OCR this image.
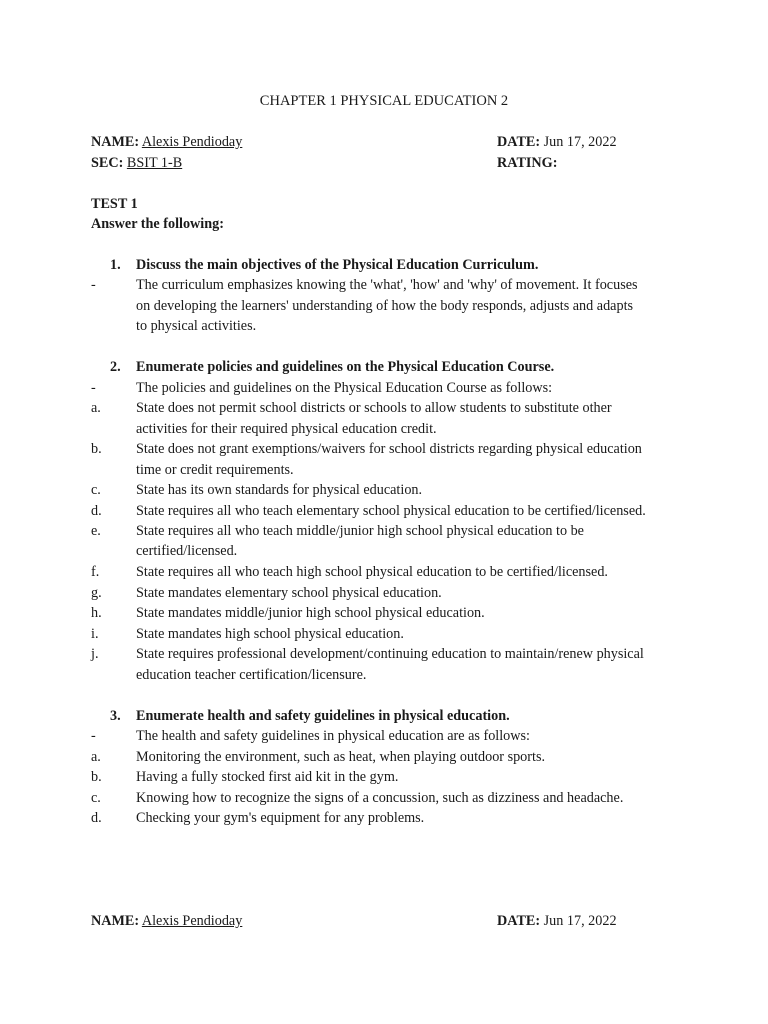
CHAPTER 1 PHYSICAL EDUCATION 2
NAME: Alexis Pendioday	DATE: Jun 17, 2022
SEC: BSIT 1-B	RATING:
TEST 1
Answer the following:
1. Discuss the main objectives of the Physical Education Curriculum.
-	The curriculum emphasizes knowing the 'what', 'how' and 'why' of movement. It focuses
on developing the learners' understanding of how the body responds, adjusts and adapts
to physical activities.
2. Enumerate policies and guidelines on the Physical Education Course.
-	The policies and guidelines on the Physical Education Course as follows:
a. State does not permit school districts or schools to allow students to substitute other
activities for their required physical education credit.
b. State does not grant exemptions/waivers for school districts regarding physical education
time or credit requirements.
c. State has its own standards for physical education.
d. State requires all who teach elementary school physical education to be certified/licensed.
e. State requires all who teach middle/junior high school physical education to be
certified/licensed.
f.	State requires all who teach high school physical education to be certified/licensed.
g. State mandates elementary school physical education.
h. State mandates middle/junior high school physical education.
i.	State mandates high school physical education.
j.	State requires professional development/continuing education to maintain/renew physical
education teacher certification/licensure.
3. Enumerate health and safety guidelines in physical education.
-	The health and safety guidelines in physical education are as follows:
a. Monitoring the environment, such as heat, when playing outdoor sports.
b. Having a fully stocked first aid kit in the gym.
c. Knowing how to recognize the signs of a concussion, such as dizziness and headache.
d. Checking your gym's equipment for any problems.
NAME: Alexis Pendioday	DATE: Jun 17, 2022
